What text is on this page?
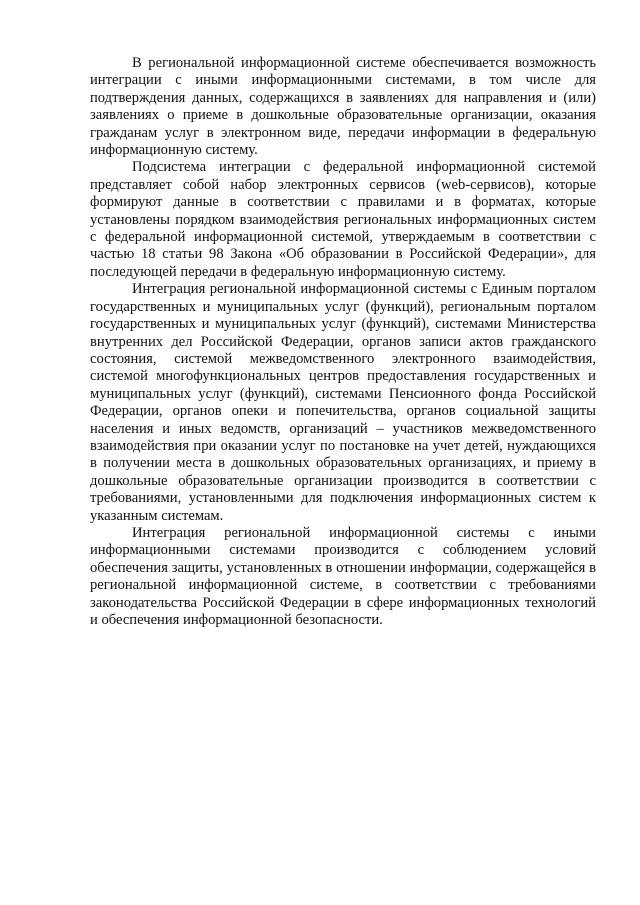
В региональной информационной системе обеспечивается возможность интеграции с иными информационными системами, в том числе для подтверждения данных, содержащихся в заявлениях для направления и (или) заявлениях о приеме в дошкольные образовательные организации, оказания гражданам услуг в электронном виде, передачи информации в федеральную информационную систему.

Подсистема интеграции с федеральной информационной системой представляет собой набор электронных сервисов (web-сервисов), которые формируют данные в соответствии с правилами и в форматах, которые установлены порядком взаимодействия региональных информационных систем с федеральной информационной системой, утверждаемым в соответствии с частью 18 статьи 98 Закона «Об образовании в Российской Федерации», для последующей передачи в федеральную информационную систему.

Интеграция региональной информационной системы с Единым порталом государственных и муниципальных услуг (функций), региональным порталом государственных и муниципальных услуг (функций), системами Министерства внутренних дел Российской Федерации, органов записи актов гражданского состояния, системой межведомственного электронного взаимодействия, системой многофункциональных центров предоставления государственных и муниципальных услуг (функций), системами Пенсионного фонда Российской Федерации, органов опеки и попечительства, органов социальной защиты населения и иных ведомств, организаций – участников межведомственного взаимодействия при оказании услуг по постановке на учет детей, нуждающихся в получении места в дошкольных образовательных организациях, и приему в дошкольные образовательные организации производится в соответствии с требованиями, установленными для подключения информационных систем к указанным системам.

Интеграция региональной информационной системы с иными информационными системами производится с соблюдением условий обеспечения защиты, установленных в отношении информации, содержащейся в региональной информационной системе, в соответствии с требованиями законодательства Российской Федерации в сфере информационных технологий и обеспечения информационной безопасности.
